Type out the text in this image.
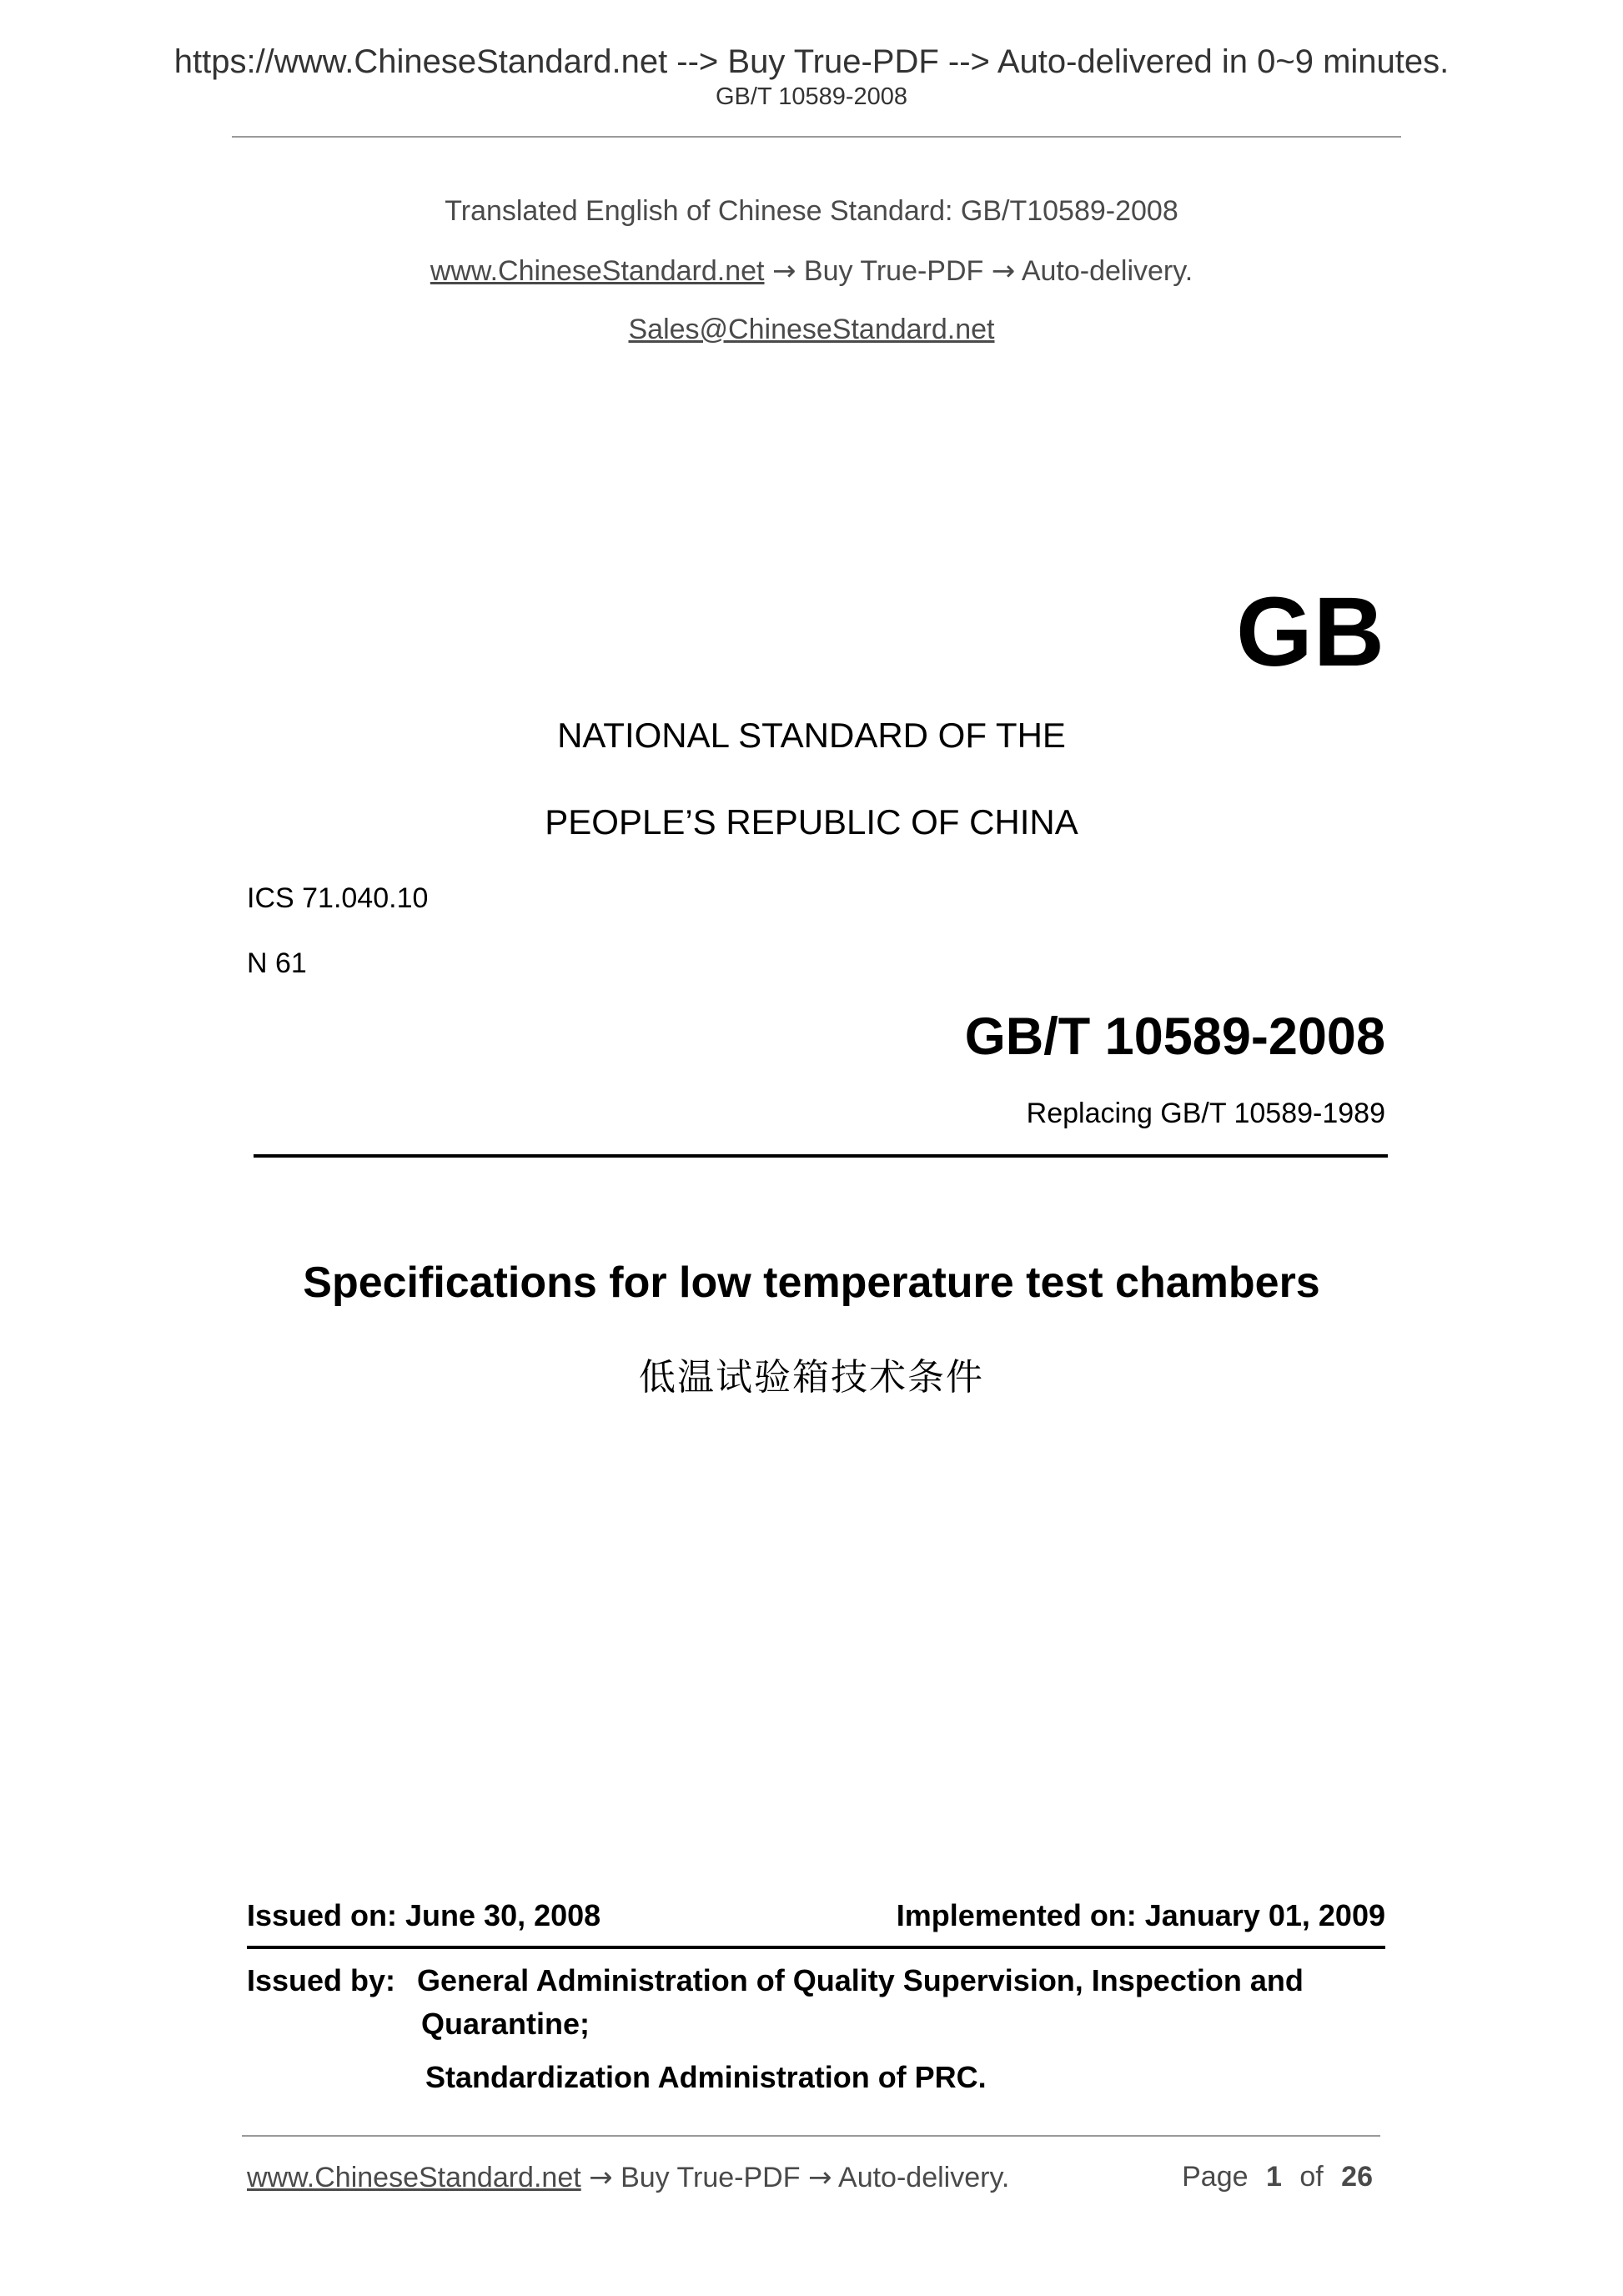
https://www.ChineseStandard.net --> Buy True-PDF --> Auto-delivered in 0~9 minutes.
GB/T 10589-2008
Translated English of Chinese Standard: GB/T10589-2008
www.ChineseStandard.net → Buy True-PDF → Auto-delivery.
Sales@ChineseStandard.net
GB
NATIONAL STANDARD OF THE
PEOPLE’S REPUBLIC OF CHINA
ICS 71.040.10
N 61
GB/T 10589-2008
Replacing GB/T 10589-1989
Specifications for low temperature test chambers
低温试验箱技术条件
Issued on: June 30, 2008	Implemented on: January 01, 2009
Issued by: General Administration of Quality Supervision, Inspection and
Quarantine;
Standardization Administration of PRC.
www.ChineseStandard.net → Buy True-PDF → Auto-delivery.	Page 1 of 26
